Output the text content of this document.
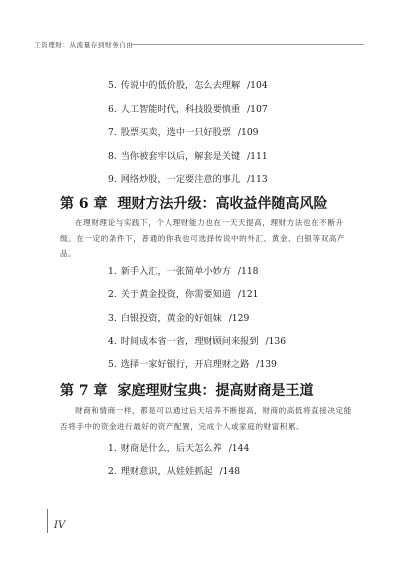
工资理财：从流量存到财务自由
5. 传说中的低价股，怎么去理解 /104
6. 人工智能时代，科技股要慎重 /107
7. 股票买卖，选中一只好股票 /109
8. 当你被套牢以后，解套是关键 /111
9. 网络炒股，一定要注意的事儿 /113
第 6 章 理财方法升级：高收益伴随高风险
在理财理论与实践下，个人理财能力也在一天天提高，理财方法也在不断升级。在一定的条件下，普通的你我也可选择传说中的外汇、黄金、白银等双高产品。
1. 新手入汇，一张简单小妙方 /118
2. 关于黄金投资，你需要知道 /121
3. 白银投资，黄金的好姐妹 /129
4. 时间成本省一省，理财顾问来报到 /136
5. 选择一家好银行，开启理财之路 /139
第 7 章 家庭理财宝典：提高财商是王道
财商和情商一样，都是可以通过后天培养不断提高，财商的高低将直接决定能否将手中的资金进行最好的资产配置，完成个人或家庭的财富积累。
1. 财商是什么，后天怎么养 /144
2. 理财意识，从娃娃抓起 /148
IV
